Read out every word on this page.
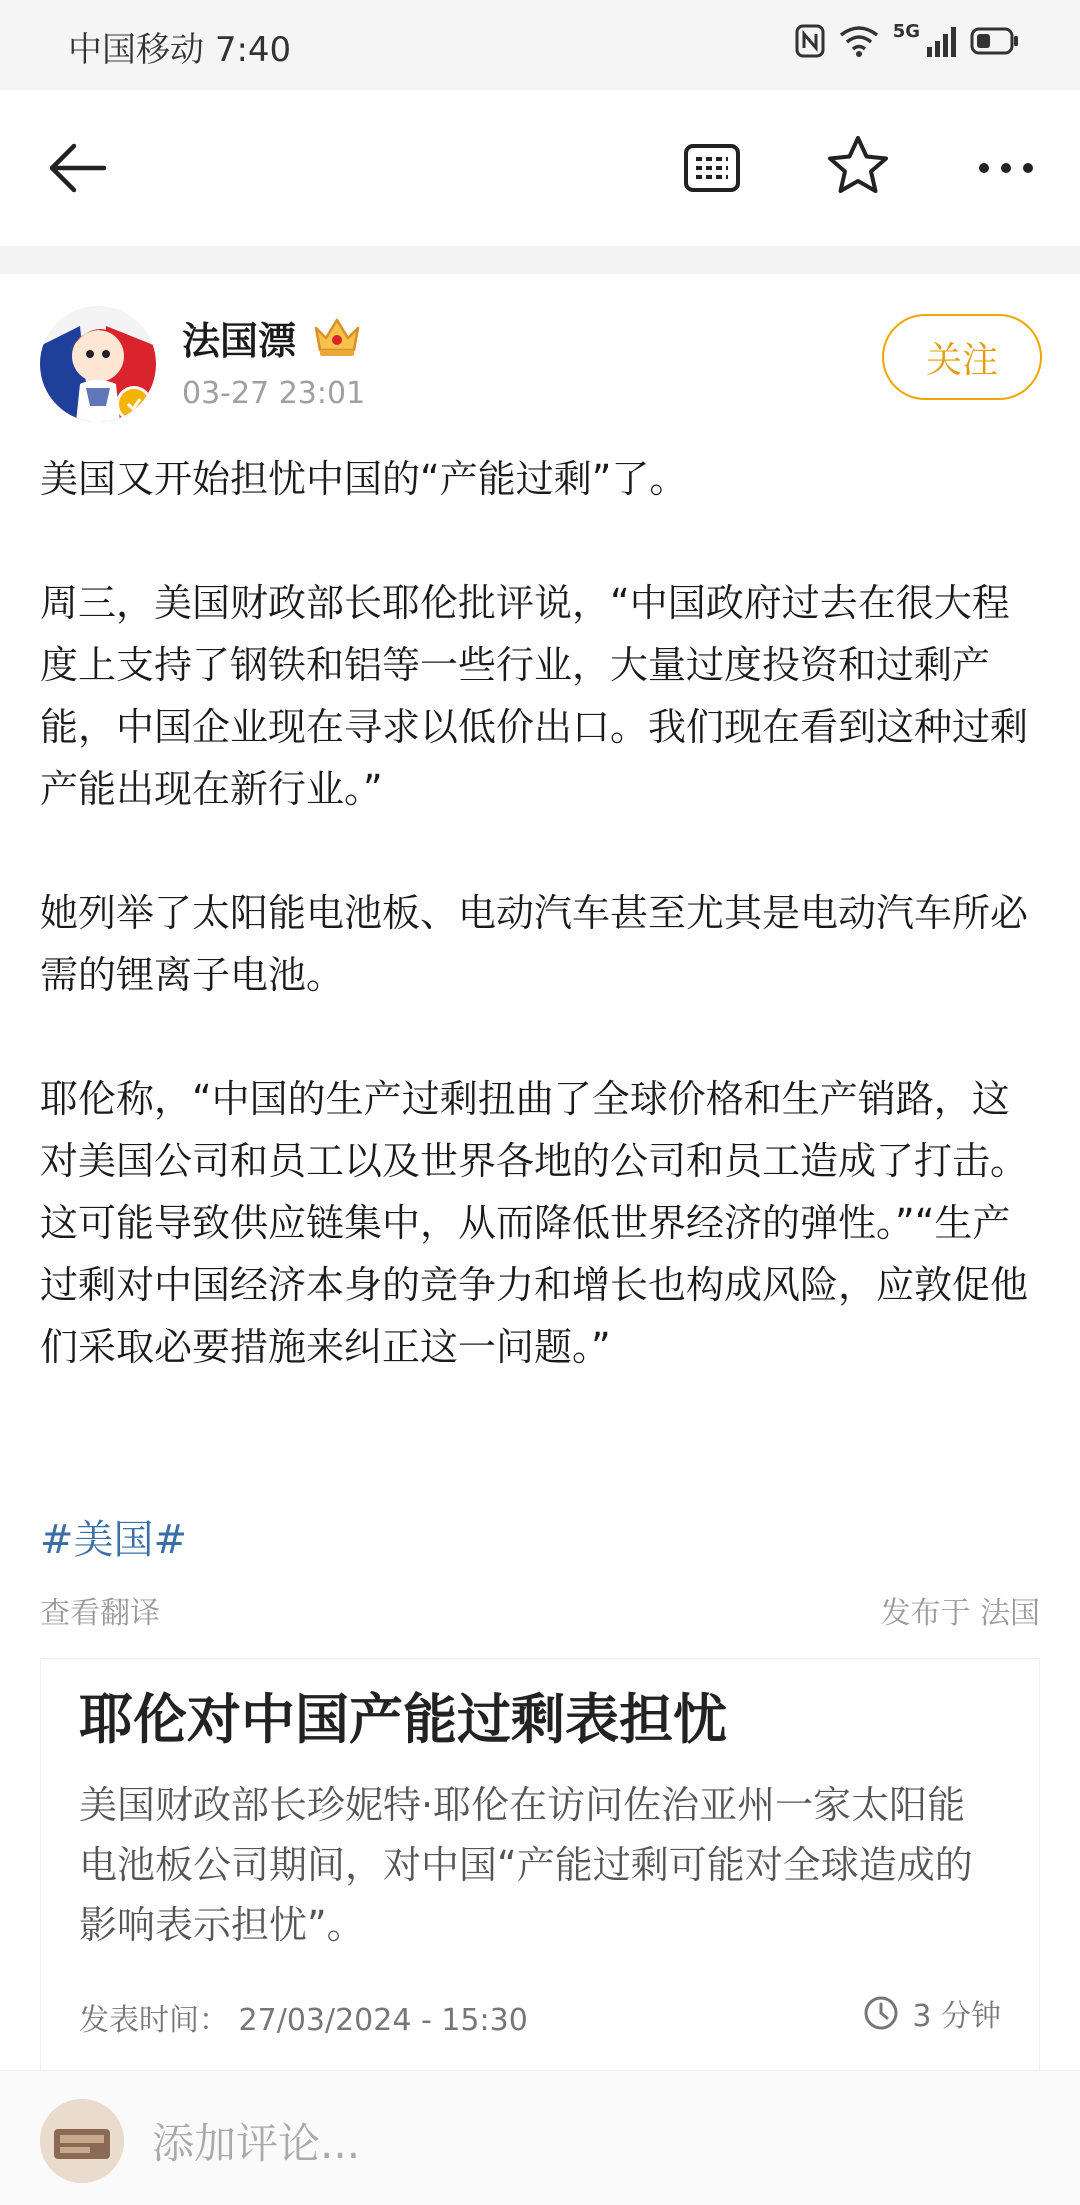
中国移动 7:40	5G
法国漂
03-27 23:01
关注

美国又开始担忧中国的“产能过剩”了。

周三，美国财政部长耶伦批评说，“中国政府过去在很大程度上支持了钢铁和铝等一些行业，大量过度投资和过剩产能，中国企业现在寻求以低价出口。我们现在看到这种过剩产能出现在新行业。”

她列举了太阳能电池板、电动汽车甚至尤其是电动汽车所必需的锂离子电池。

耶伦称，“中国的生产过剩扭曲了全球价格和生产销路，这对美国公司和员工以及世界各地的公司和员工造成了打击。这可能导致供应链集中，从而降低世界经济的弹性。”“生产过剩对中国经济本身的竞争力和增长也构成风险，应敦促他们采取必要措施来纠正这一问题。”

#美国#
查看翻译	发布于 法国
耶伦对中国产能过剩表担忧
美国财政部长珍妮特·耶伦在访问佐治亚州一家太阳能电池板公司期间，对中国“产能过剩可能对全球造成的影响表示担忧”。
发表时间： 27/03/2024 - 15:30	3 分钟
添加评论...
